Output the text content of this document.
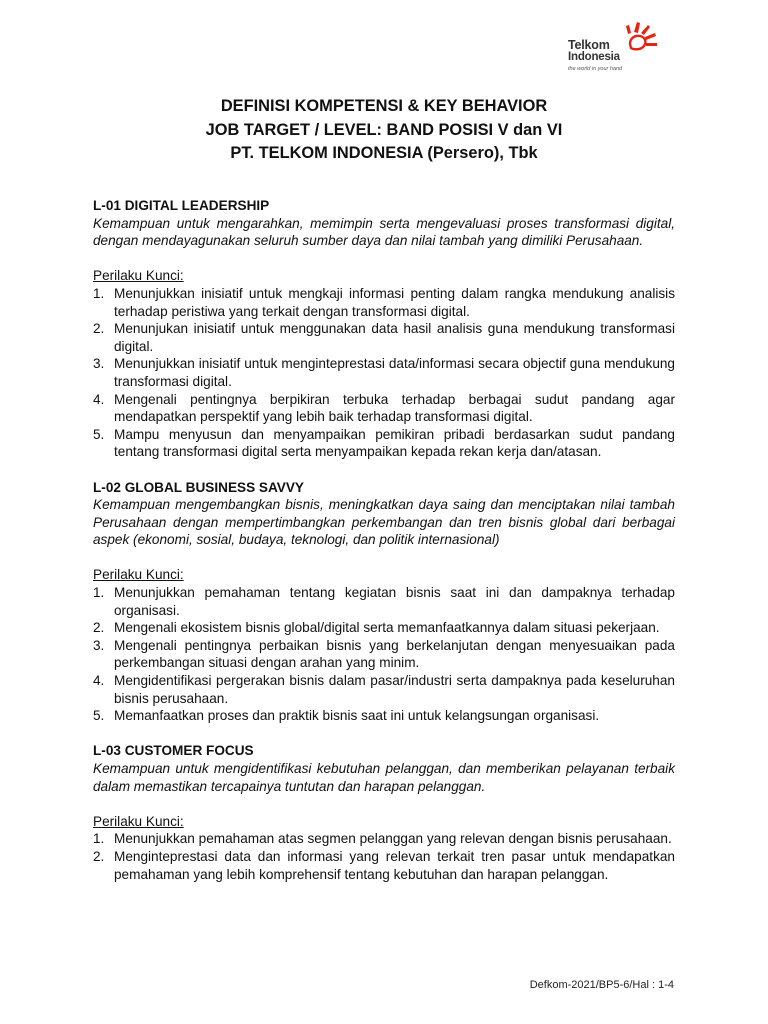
Telkom
Indonesia
the world in your hand
DEFINISI KOMPETENSI & KEY BEHAVIOR
JOB TARGET / LEVEL: BAND POSISI V dan VI
PT. TELKOM INDONESIA (Persero), Tbk

L-01 DIGITAL LEADERSHIP

Kemampuan untuk mengarahkan, memimpin serta mengevaluasi proses transformasi digital, dengan mendayagunakan seluruh sumber daya dan nilai tambah yang dimiliki Perusahaan.

Perilaku Kunci:

1. Menunjukkan inisiatif untuk mengkaji informasi penting dalam rangka mendukung analisis terhadap peristiwa yang terkait dengan transformasi digital.
2. Menunjukan inisiatif untuk menggunakan data hasil analisis guna mendukung transformasi digital.
3. Menunjukkan inisiatif untuk menginteprestasi data/informasi secara objectif guna mendukung transformasi digital.
4. Mengenali pentingnya berpikiran terbuka terhadap berbagai sudut pandang agar mendapatkan perspektif yang lebih baik terhadap transformasi digital.
5. Mampu menyusun dan menyampaikan pemikiran pribadi berdasarkan sudut pandang tentang transformasi digital serta menyampaikan kepada rekan kerja dan/atasan.

L-02 GLOBAL BUSINESS SAVVY

Kemampuan mengembangkan bisnis, meningkatkan daya saing dan menciptakan nilai tambah Perusahaan dengan mempertimbangkan perkembangan dan tren bisnis global dari berbagai aspek (ekonomi, sosial, budaya, teknologi, dan politik internasional)

Perilaku Kunci:

1. Menunjukkan pemahaman tentang kegiatan bisnis saat ini dan dampaknya terhadap organisasi.
2. Mengenali ekosistem bisnis global/digital serta memanfaatkannya dalam situasi pekerjaan.
3. Mengenali pentingnya perbaikan bisnis yang berkelanjutan dengan menyesuaikan pada perkembangan situasi dengan arahan yang minim.
4. Mengidentifikasi pergerakan bisnis dalam pasar/industri serta dampaknya pada keseluruhan bisnis perusahaan.
5. Memanfaatkan proses dan praktik bisnis saat ini untuk kelangsungan organisasi.

L-03 CUSTOMER FOCUS

Kemampuan untuk mengidentifikasi kebutuhan pelanggan, dan memberikan pelayanan terbaik dalam memastikan tercapainya tuntutan dan harapan pelanggan.

Perilaku Kunci:

1. Menunjukkan pemahaman atas segmen pelanggan yang relevan dengan bisnis perusahaan.
2. Menginteprestasi data dan informasi yang relevan terkait tren pasar untuk mendapatkan pemahaman yang lebih komprehensif tentang kebutuhan dan harapan pelanggan.
Defkom-2021/BP5-6/Hal : 1-4
